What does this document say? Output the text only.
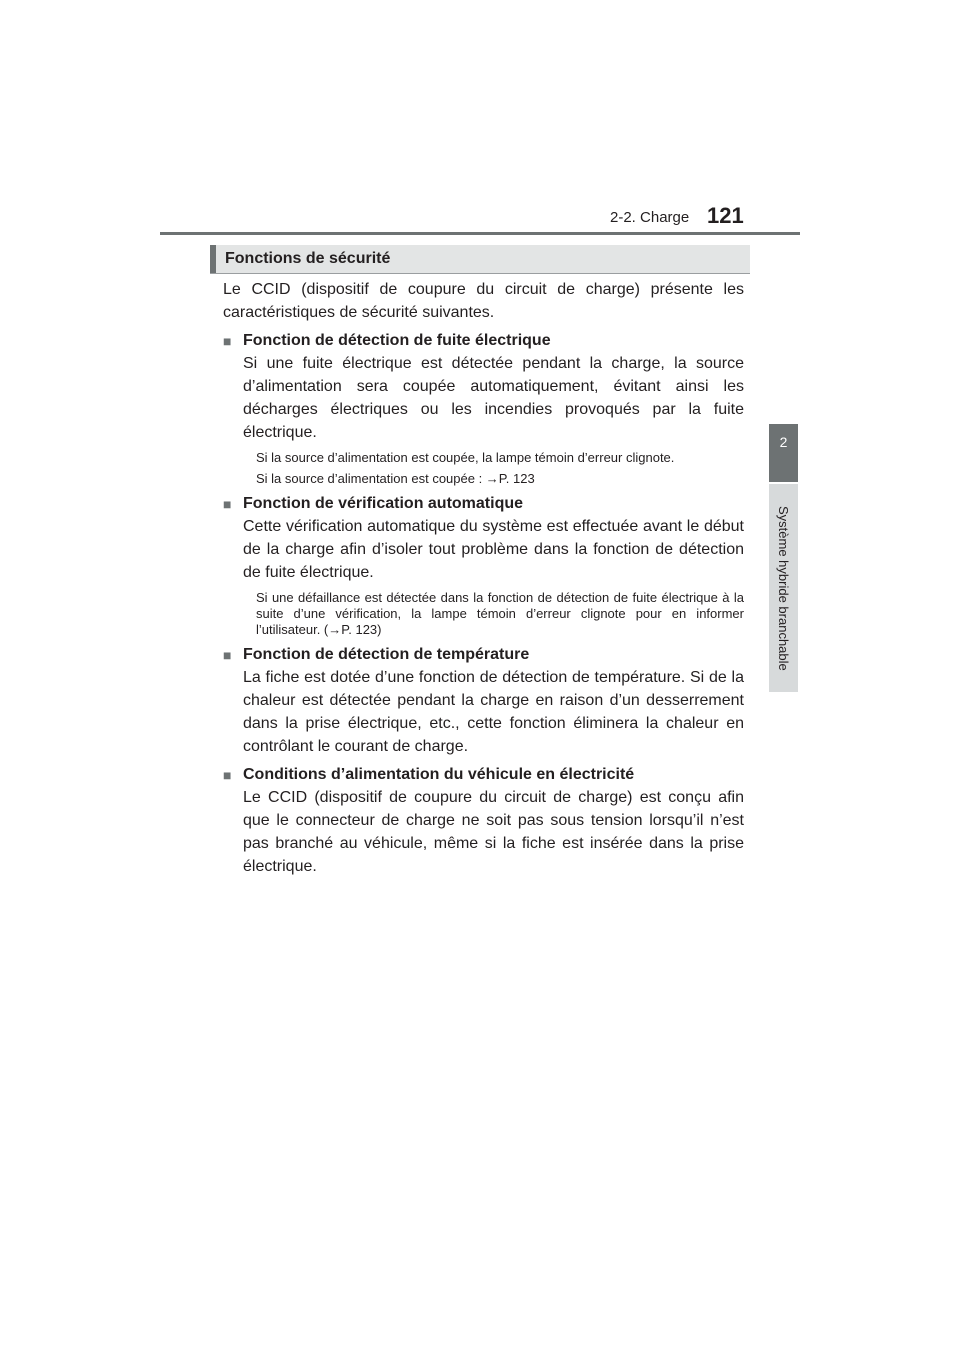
2-2. Charge 121
2
Système hybride branchable
Fonctions de sécurité

Le CCID (dispositif de coupure du circuit de charge) présente les caractéristiques de sécurité suivantes.

■ Fonction de détection de fuite électrique

Si une fuite électrique est détectée pendant la charge, la source d’alimentation sera coupée automatiquement, évitant ainsi les décharges électriques ou les incendies provoqués par la fuite électrique.

Si la source d’alimentation est coupée, la lampe témoin d’erreur clignote.

Si la source d’alimentation est coupée : →P. 123

■ Fonction de vérification automatique

Cette vérification automatique du système est effectuée avant le début de la charge afin d’isoler tout problème dans la fonction de détection de fuite électrique.

Si une défaillance est détectée dans la fonction de détection de fuite électrique à la suite d’une vérification, la lampe témoin d’erreur clignote pour en informer l’utilisateur. (→P. 123)

■ Fonction de détection de température

La fiche est dotée d’une fonction de détection de température. Si de la chaleur est détectée pendant la charge en raison d’un desserrement dans la prise électrique, etc., cette fonction éliminera la chaleur en contrôlant le courant de charge.

■ Conditions d’alimentation du véhicule en électricité

Le CCID (dispositif de coupure du circuit de charge) est conçu afin que le connecteur de charge ne soit pas sous tension lorsqu’il n’est pas branché au véhicule, même si la fiche est insérée dans la prise électrique.
